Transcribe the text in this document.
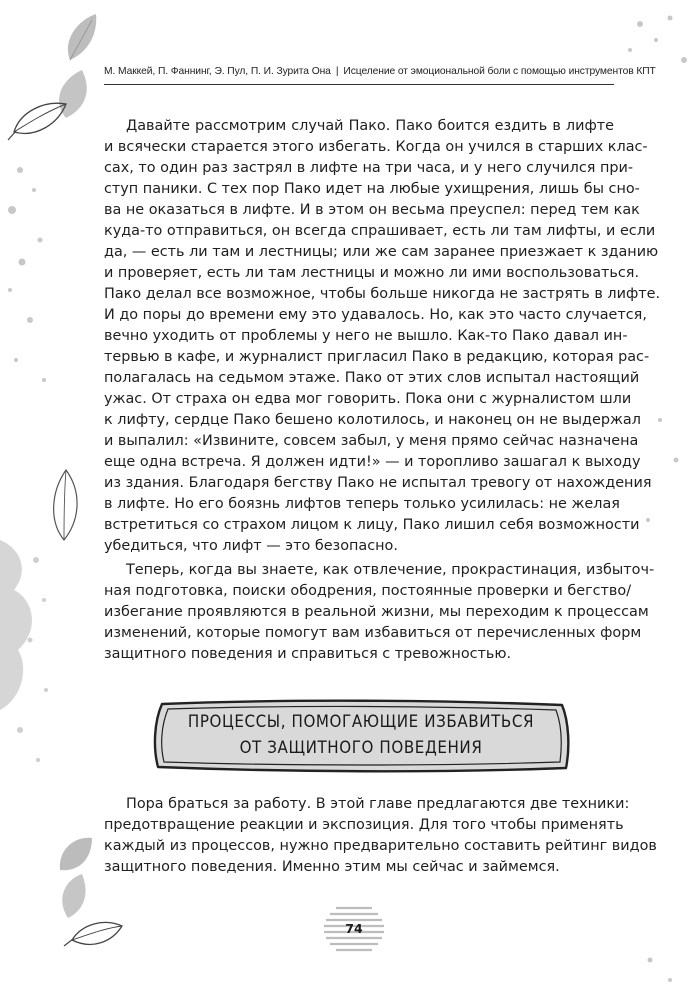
М. Маккей, П. Фаннинг, Э. Пул, П. И. Зурита Она | Исцеление от эмоциональной боли с помощью инструментов КПТ
Давайте рассмотрим случай Пако. Пако боится ездить в лифте
и всячески старается этого избегать. Когда он учился в старших клас-
сах, то один раз застрял в лифте на три часа, и у него случился при-
ступ паники. С тех пор Пако идет на любые ухищрения, лишь бы сно-
ва не оказаться в лифте. И в этом он весьма преуспел: перед тем как
куда-то отправиться, он всегда спрашивает, есть ли там лифты, и если
да, — есть ли там и лестницы; или же сам заранее приезжает к зданию
и проверяет, есть ли там лестницы и можно ли ими воспользоваться.
Пако делал все возможное, чтобы больше никогда не застрять в лифте.
И до поры до времени ему это удавалось. Но, как это часто случается,
вечно уходить от проблемы у него не вышло. Как-то Пако давал ин-
тервью в кафе, и журналист пригласил Пако в редакцию, которая рас-
полагалась на седьмом этаже. Пако от этих слов испытал настоящий
ужас. От страха он едва мог говорить. Пока они с журналистом шли
к лифту, сердце Пако бешено колотилось, и наконец он не выдержал
и выпалил: «Извините, совсем забыл, у меня прямо сейчас назначена
еще одна встреча. Я должен идти!» — и торопливо зашагал к выходу
из здания. Благодаря бегству Пако не испытал тревогу от нахождения
в лифте. Но его боязнь лифтов теперь только усилилась: не желая
встретиться со страхом лицом к лицу, Пако лишил себя возможности
убедиться, что лифт — это безопасно.
Теперь, когда вы знаете, как отвлечение, прокрастинация, избыточ-
ная подготовка, поиски ободрения, постоянные проверки и бегство/
избегание проявляются в реальной жизни, мы переходим к процессам
изменений, которые помогут вам избавиться от перечисленных форм
защитного поведения и справиться с тревожностью.
ПРОЦЕССЫ, ПОМОГАЮЩИЕ ИЗБАВИТЬСЯ
ОТ ЗАЩИТНОГО ПОВЕДЕНИЯ
Пора браться за работу. В этой главе предлагаются две техники:
предотвращение реакции и экспозиция. Для того чтобы применять
каждый из процессов, нужно предварительно составить рейтинг видов
защитного поведения. Именно этим мы сейчас и займемся.
74
